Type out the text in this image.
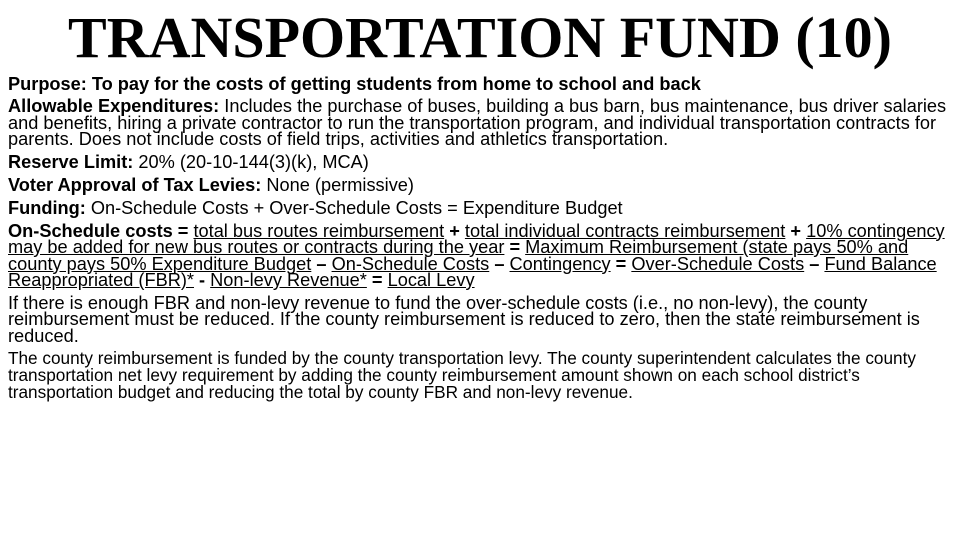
TRANSPORTATION FUND (10)

Purpose: To pay for the costs of getting students from home to school and back

Allowable Expenditures: Includes the purchase of buses, building a bus barn, bus maintenance, bus driver salaries and benefits, hiring a private contractor to run the transportation program, and individual transportation contracts for parents. Does not include costs of field trips, activities and athletics transportation.

Reserve Limit: 20% (20-10-144(3)(k), MCA)

Voter Approval of Tax Levies: None (permissive)

Funding: On-Schedule Costs + Over-Schedule Costs = Expenditure Budget

On-Schedule costs = total bus routes reimbursement + total individual contracts reimbursement + 10% contingency may be added for new bus routes or contracts during the year = Maximum Reimbursement (state pays 50% and county pays 50% Expenditure Budget – On-Schedule Costs – Contingency = Over-Schedule Costs – Fund Balance Reappropriated (FBR)* - Non-levy Revenue* = Local Levy

If there is enough FBR and non-levy revenue to fund the over-schedule costs (i.e., no non-levy), the county reimbursement must be reduced. If the county reimbursement is reduced to zero, then the state reimbursement is reduced.

The county reimbursement is funded by the county transportation levy. The county superintendent calculates the county transportation net levy requirement by adding the county reimbursement amount shown on each school district’s transportation budget and reducing the total by county FBR and non-levy revenue.
